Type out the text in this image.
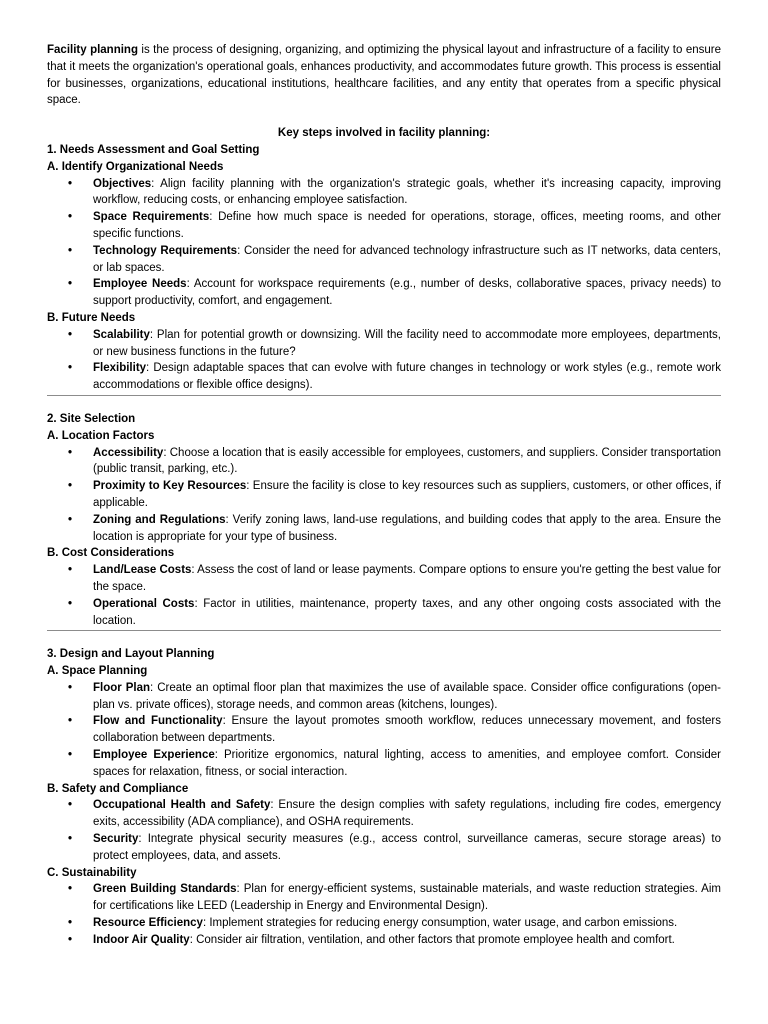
Facility planning is the process of designing, organizing, and optimizing the physical layout and infrastructure of a facility to ensure that it meets the organization's operational goals, enhances productivity, and accommodates future growth. This process is essential for businesses, organizations, educational institutions, healthcare facilities, and any entity that operates from a specific physical space.

Key steps involved in facility planning:

1. Needs Assessment and Goal Setting

A. Identify Organizational Needs

• Objectives: Align facility planning with the organization's strategic goals, whether it's increasing capacity, improving workflow, reducing costs, or enhancing employee satisfaction.
• Space Requirements: Define how much space is needed for operations, storage, offices, meeting rooms, and other specific functions.
• Technology Requirements: Consider the need for advanced technology infrastructure such as IT networks, data centers, or lab spaces.
• Employee Needs: Account for workspace requirements (e.g., number of desks, collaborative spaces, privacy needs) to support productivity, comfort, and engagement.

B. Future Needs

• Scalability: Plan for potential growth or downsizing. Will the facility need to accommodate more employees, departments, or new business functions in the future?
• Flexibility: Design adaptable spaces that can evolve with future changes in technology or work styles (e.g., remote work accommodations or flexible office designs).

2. Site Selection

A. Location Factors

• Accessibility: Choose a location that is easily accessible for employees, customers, and suppliers. Consider transportation (public transit, parking, etc.).
• Proximity to Key Resources: Ensure the facility is close to key resources such as suppliers, customers, or other offices, if applicable.
• Zoning and Regulations: Verify zoning laws, land-use regulations, and building codes that apply to the area. Ensure the location is appropriate for your type of business.

B. Cost Considerations

• Land/Lease Costs: Assess the cost of land or lease payments. Compare options to ensure you're getting the best value for the space.
• Operational Costs: Factor in utilities, maintenance, property taxes, and any other ongoing costs associated with the location.

3. Design and Layout Planning

A. Space Planning

• Floor Plan: Create an optimal floor plan that maximizes the use of available space. Consider office configurations (open-plan vs. private offices), storage needs, and common areas (kitchens, lounges).
• Flow and Functionality: Ensure the layout promotes smooth workflow, reduces unnecessary movement, and fosters collaboration between departments.
• Employee Experience: Prioritize ergonomics, natural lighting, access to amenities, and employee comfort. Consider spaces for relaxation, fitness, or social interaction.

B. Safety and Compliance

• Occupational Health and Safety: Ensure the design complies with safety regulations, including fire codes, emergency exits, accessibility (ADA compliance), and OSHA requirements.
• Security: Integrate physical security measures (e.g., access control, surveillance cameras, secure storage areas) to protect employees, data, and assets.

C. Sustainability

• Green Building Standards: Plan for energy-efficient systems, sustainable materials, and waste reduction strategies. Aim for certifications like LEED (Leadership in Energy and Environmental Design).
• Resource Efficiency: Implement strategies for reducing energy consumption, water usage, and carbon emissions.
• Indoor Air Quality: Consider air filtration, ventilation, and other factors that promote employee health and comfort.
